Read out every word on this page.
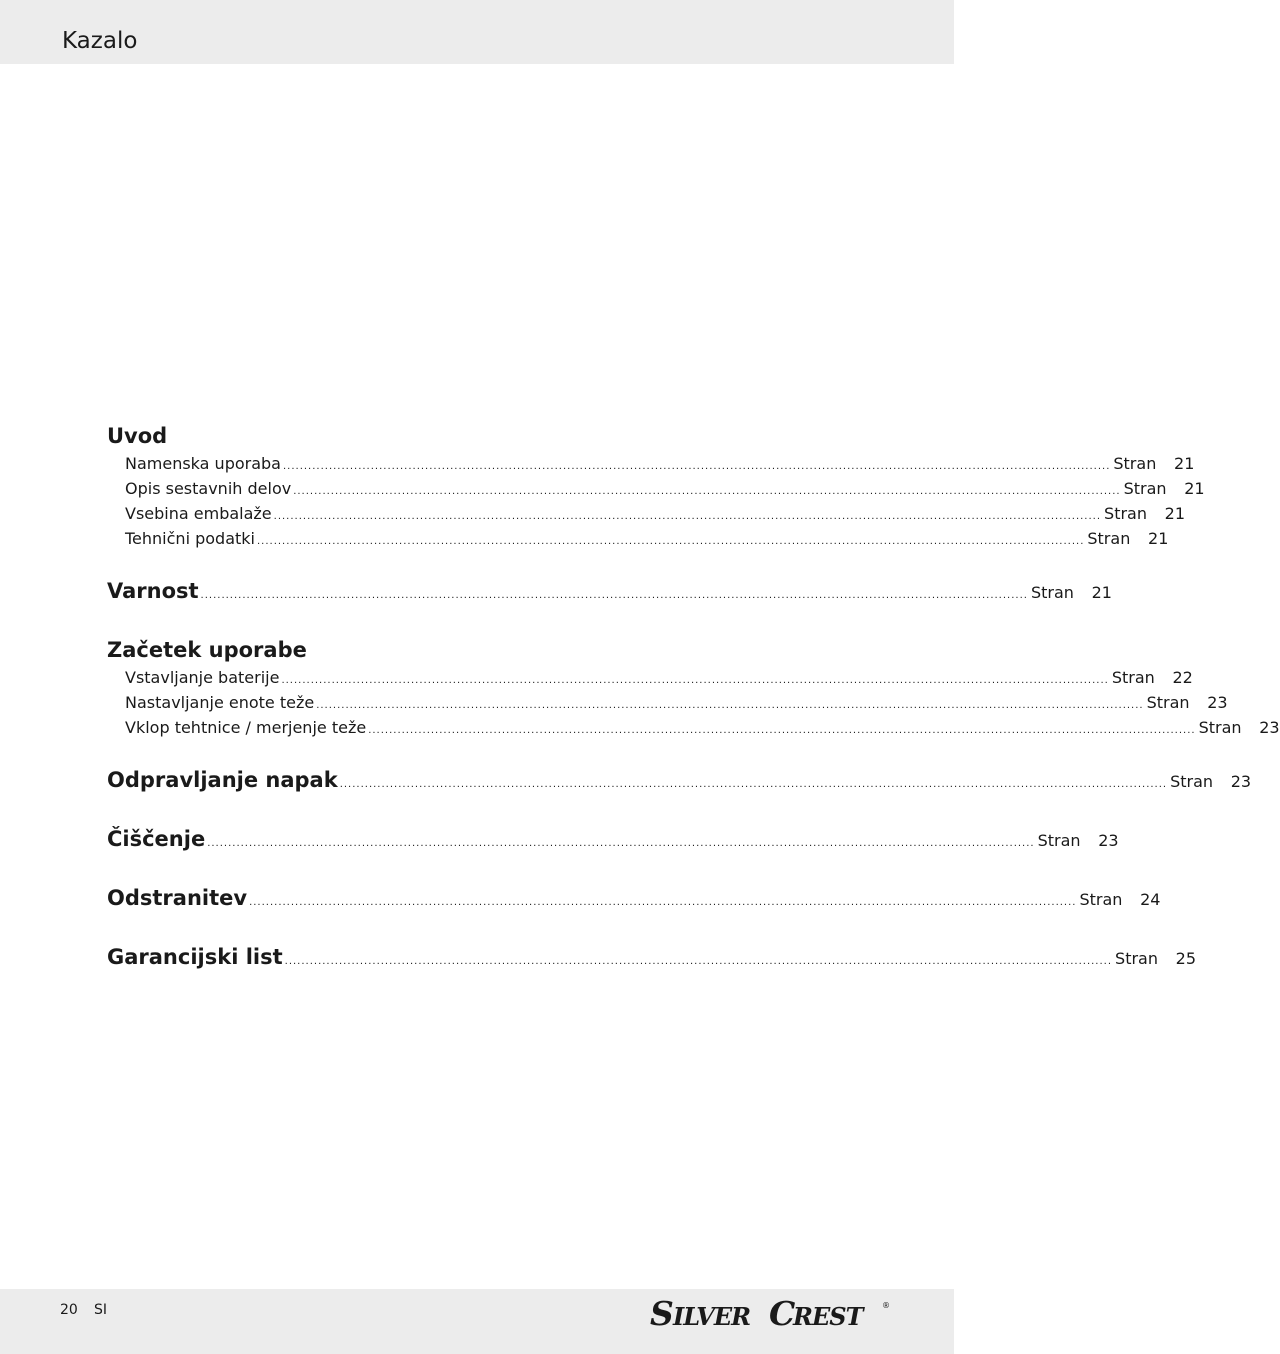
Kazalo
Uvod
Namenska uporaba ...................................................................................................................................................................................................... Stran	21
Opis sestavnih delov ...................................................................................................................................................................................................... Stran	21
Vsebina embalaže ...................................................................................................................................................................................................... Stran	21
Tehnični podatki ...................................................................................................................................................................................................... Stran	21
Varnost ...................................................................................................................................................................................................... Stran	21
Začetek uporabe
Vstavljanje baterije ...................................................................................................................................................................................................... Stran	22
Nastavljanje enote teže ...................................................................................................................................................................................................... Stran	23
Vklop tehtnice / merjenje teže ...................................................................................................................................................................................................... Stran	23
Odpravljanje napak ...................................................................................................................................................................................................... Stran	23
Čiščenje ...................................................................................................................................................................................................... Stran	23
Odstranitev ...................................................................................................................................................................................................... Stran	24
Garancijski list ...................................................................................................................................................................................................... Stran	25
20 SI	S ILVER C
REST	®
